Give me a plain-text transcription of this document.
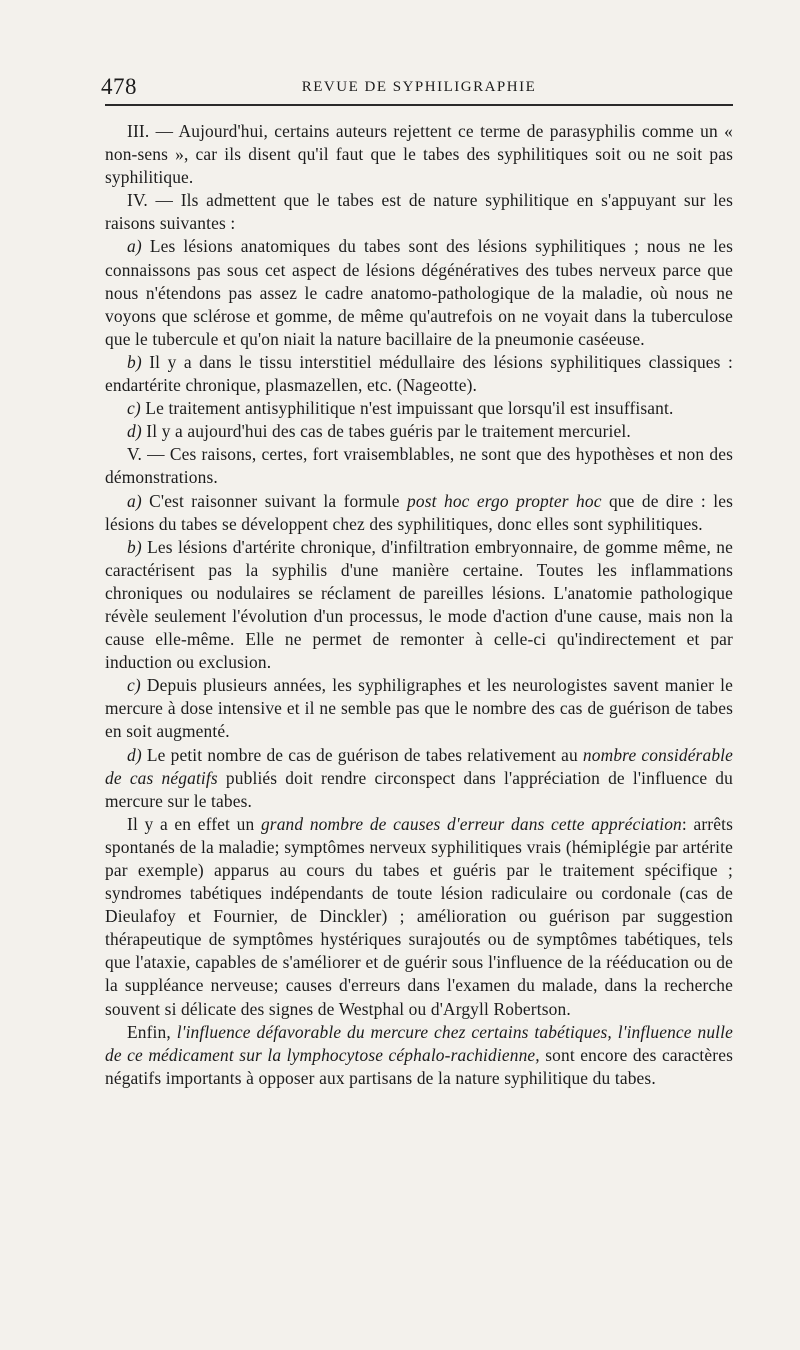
478	REVUE DE SYPHILIGRAPHIE

III. — Aujourd'hui, certains auteurs rejettent ce terme de parasyphilis comme un « non-sens », car ils disent qu'il faut que le tabes des syphilitiques soit ou ne soit pas syphilitique.

IV. — Ils admettent que le tabes est de nature syphilitique en s'appuyant sur les raisons suivantes :

a) Les lésions anatomiques du tabes sont des lésions syphilitiques ; nous ne les connaissons pas sous cet aspect de lésions dégénératives des tubes nerveux parce que nous n'étendons pas assez le cadre anatomo-pathologique de la maladie, où nous ne voyons que sclérose et gomme, de même qu'autrefois on ne voyait dans la tuberculose que le tubercule et qu'on niait la nature bacillaire de la pneumonie caséeuse.

b) Il y a dans le tissu interstitiel médullaire des lésions syphilitiques classiques : endartérite chronique, plasmazellen, etc. (Nageotte).

c) Le traitement antisyphilitique n'est impuissant que lorsqu'il est insuffisant.

d) Il y a aujourd'hui des cas de tabes guéris par le traitement mercuriel.

V. — Ces raisons, certes, fort vraisemblables, ne sont que des hypothèses et non des démonstrations.

a) C'est raisonner suivant la formule post hoc ergo propter hoc que de dire : les lésions du tabes se développent chez des syphilitiques, donc elles sont syphilitiques.

b) Les lésions d'artérite chronique, d'infiltration embryonnaire, de gomme même, ne caractérisent pas la syphilis d'une manière certaine. Toutes les inflammations chroniques ou nodulaires se réclament de pareilles lésions. L'anatomie pathologique révèle seulement l'évolution d'un processus, le mode d'action d'une cause, mais non la cause elle-même. Elle ne permet de remonter à celle-ci qu'indirectement et par induction ou exclusion.

c) Depuis plusieurs années, les syphiligraphes et les neurologistes savent manier le mercure à dose intensive et il ne semble pas que le nombre des cas de guérison de tabes en soit augmenté.

d) Le petit nombre de cas de guérison de tabes relativement au nombre considérable de cas négatifs publiés doit rendre circonspect dans l'appréciation de l'influence du mercure sur le tabes.

Il y a en effet un grand nombre de causes d'erreur dans cette appréciation: arrêts spontanés de la maladie; symptômes nerveux syphilitiques vrais (hémiplégie par artérite par exemple) apparus au cours du tabes et guéris par le traitement spécifique ; syndromes tabétiques indépendants de toute lésion radiculaire ou cordonale (cas de Dieulafoy et Fournier, de Dinckler) ; amélioration ou guérison par suggestion thérapeutique de symptômes hystériques surajoutés ou de symptômes tabétiques, tels que l'ataxie, capables de s'améliorer et de guérir sous l'influence de la rééducation ou de la suppléance nerveuse; causes d'erreurs dans l'examen du malade, dans la recherche souvent si délicate des signes de Westphal ou d'Argyll Robertson.

Enfin, l'influence défavorable du mercure chez certains tabétiques, l'influence nulle de ce médicament sur la lymphocytose céphalo-rachidienne, sont encore des caractères négatifs importants à opposer aux partisans de la nature syphilitique du tabes.
